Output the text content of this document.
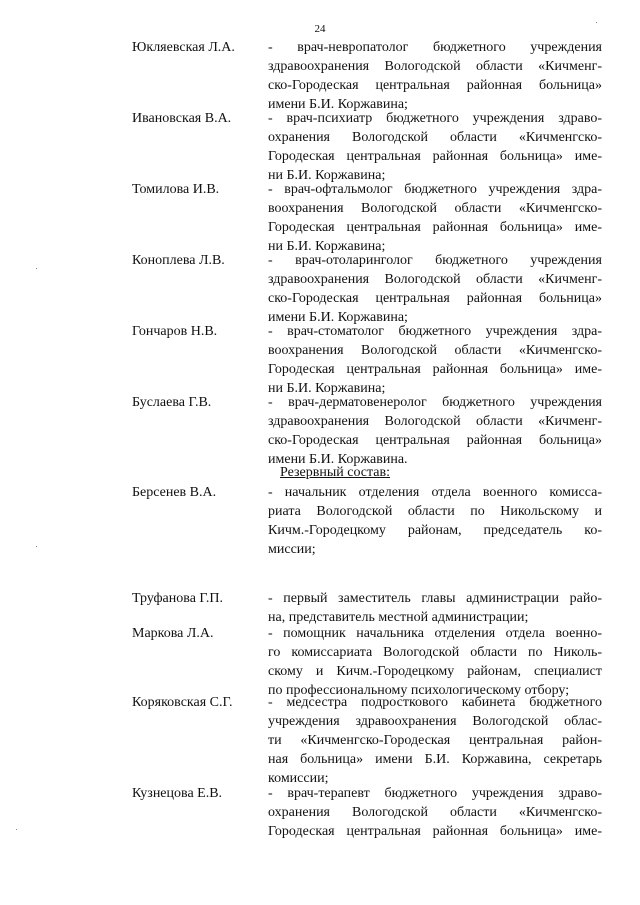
24
Юкляевская Л.А. - врач-невропатолог бюджетного учреждения
здравоохранения Вологодской области «Кичменг-
ско-Городеская центральная районная больница»
имени Б.И. Коржавина;
Ивановская В.А.	- врач-психиатр бюджетного учреждения здраво-
охранения Вологодской области «Кичменгско-
Городеская центральная районная больница» име-
ни Б.И. Коржавина;
Томилова И.В.	- врач-офтальмолог бюджетного учреждения здра-
воохранения Вологодской области «Кичменгско-
Городеская центральная районная больница» име-
ни Б.И. Коржавина;
Коноплева Л.В.	- врач-отоларинголог бюджетного учреждения
здравоохранения Вологодской области «Кичменг-
ско-Городеская центральная районная больница»
имени Б.И. Коржавина;
Гончаров Н.В.	- врач-стоматолог бюджетного учреждения здра-
воохранения Вологодской области «Кичменгско-
Городеская центральная районная больница» име-
ни Б.И. Коржавина;
Буслаева Г.В.	- врач-дерматовенеролог бюджетного учреждения
здравоохранения Вологодской области «Кичменг-
ско-Городеская центральная районная больница»
имени Б.И. Коржавина.
Резервный состав:
Берсенев В.А.	- начальник отделения отдела военного комисса-
риата Вологодской области по Никольскому и
Кичм.-Городецкому районам, председатель ко-
миссии;
Труфанова Г.П.	- первый заместитель главы администрации райо-
на, представитель местной администрации;
Маркова Л.А.	- помощник начальника отделения отдела военно-
го комиссариата Вологодской области по Николь-
скому и Кичм.-Городецкому районам, специалист
по профессиональному психологическому отбору;
Коряковская С.Г.	- медсестра подросткового кабинета бюджетного
учреждения здравоохранения Вологодской облас-
ти «Кичменгско-Городеская центральная район-
ная больница» имени Б.И. Коржавина, секретарь
комиссии;
Кузнецова Е.В.	- врач-терапевт бюджетного учреждения здраво-
охранения Вологодской области «Кичменгско-
Городеская центральная районная больница» име-
